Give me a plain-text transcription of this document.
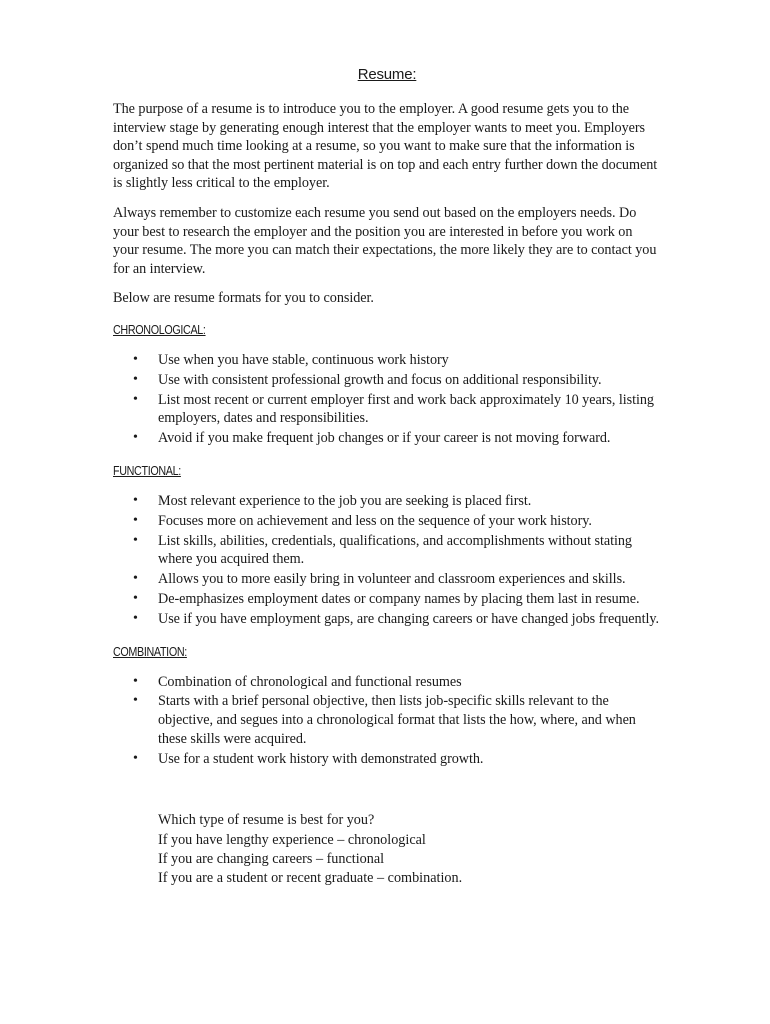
Resume:

The purpose of a resume is to introduce you to the employer. A good resume gets you to the interview stage by generating enough interest that the employer wants to meet you. Employers don’t spend much time looking at a resume, so you want to make sure that the information is organized so that the most pertinent material is on top and each entry further down the document is slightly less critical to the employer.

Always remember to customize each resume you send out based on the employers needs. Do your best to research the employer and the position you are interested in before you work on your resume. The more you can match their expectations, the more likely they are to contact you for an interview.

Below are resume formats for you to consider.

CHRONOLOGICAL:
• Use when you have stable, continuous work history
• Use with consistent professional growth and focus on additional responsibility.
• List most recent or current employer first and work back approximately 10 years, listing employers, dates and responsibilities.
• Avoid if you make frequent job changes or if your career is not moving forward.
FUNCTIONAL:
• Most relevant experience to the job you are seeking is placed first.
• Focuses more on achievement and less on the sequence of your work history.
• List skills, abilities, credentials, qualifications, and accomplishments without stating where you acquired them.
• Allows you to more easily bring in volunteer and classroom experiences and skills.
• De-emphasizes employment dates or company names by placing them last in resume.
• Use if you have employment gaps, are changing careers or have changed jobs frequently.
COMBINATION:
• Combination of chronological and functional resumes
• Starts with a brief personal objective, then lists job-specific skills relevant to the objective, and segues into a chronological format that lists the how, where, and when these skills were acquired.
• Use for a student work history with demonstrated growth.
Which type of resume is best for you?
If you have lengthy experience – chronological
If you are changing careers – functional
If you are a student or recent graduate – combination.
